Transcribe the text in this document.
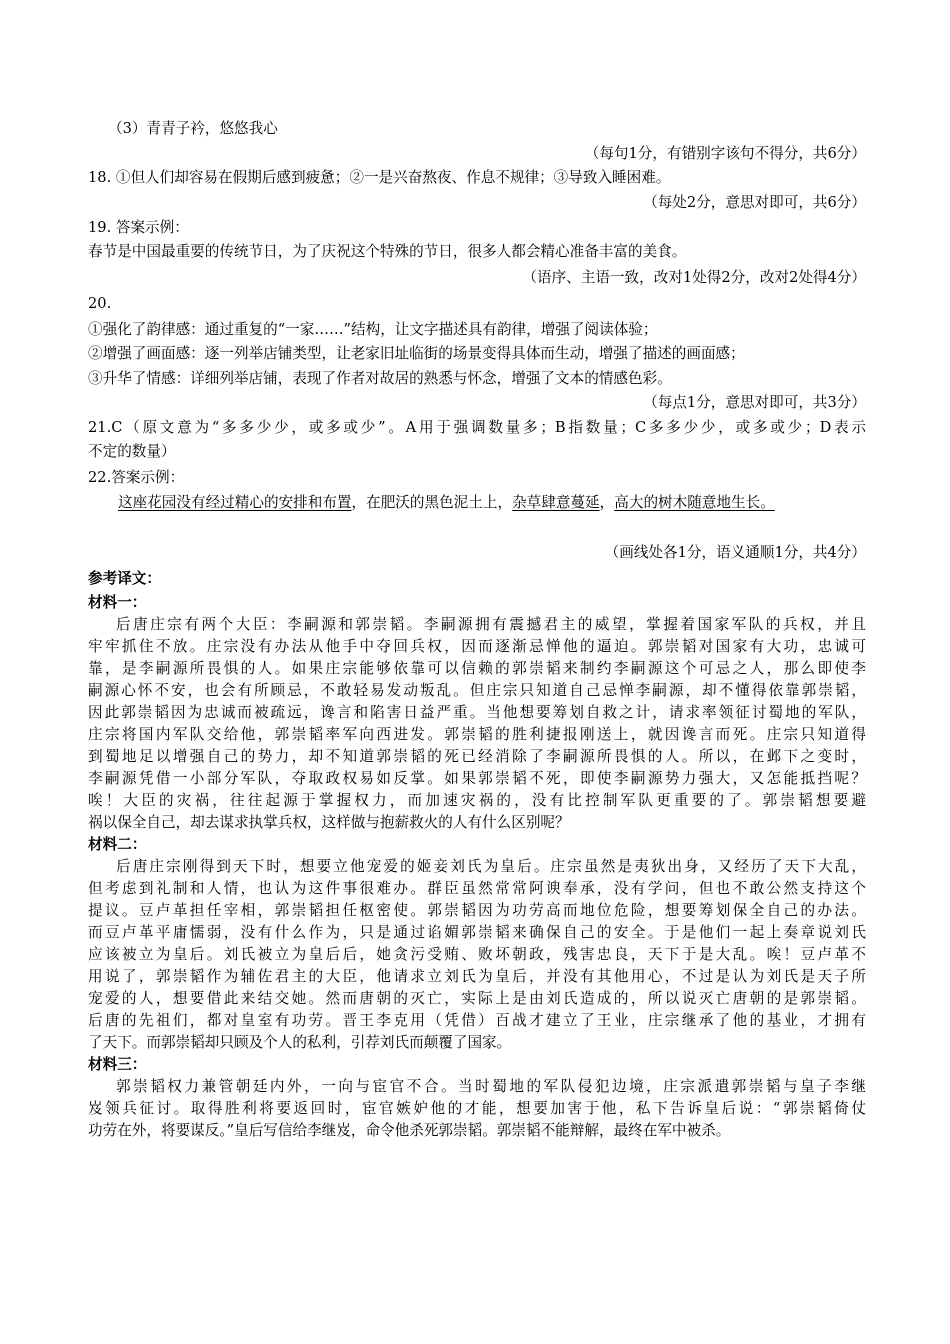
（3）青青子衿，悠悠我心

（每句1分，有错别字该句不得分，共6分）

18. ①但人们却容易在假期后感到疲惫；②一是兴奋熬夜、作息不规律；③导致入睡困难。

（每处2分，意思对即可，共6分）

19. 答案示例：

春节是中国最重要的传统节日，为了庆祝这个特殊的节日，很多人都会精心准备丰富的美食。

（语序、主语一致，改对1处得2分，改对2处得4分）

20.

①强化了韵律感：通过重复的“一家……”结构，让文字描述具有韵律，增强了阅读体验；

②增强了画面感：逐一列举店铺类型，让老家旧址临街的场景变得具体而生动，增强了描述的画面感；

③升华了情感：详细列举店铺，表现了作者对故居的熟悉与怀念，增强了文本的情感色彩。

（每点1分，意思对即可，共3分）

21.C（原文意为“多多少少，或多或少”。A用于强调数量多；B指数量；C多多少少，或多或少；D表示

不定的数量）

22.答案示例：

这座花园没有经过精心的安排和布置，在肥沃的黑色泥土上，杂草肆意蔓延，高大的树木随意地生长。

（画线处各1分，语义通顺1分，共4分）

参考译文：

材料一：

后唐庄宗有两个大臣：李嗣源和郭崇韬。李嗣源拥有震撼君主的威望，掌握着国家军队的兵权，并且

牢牢抓住不放。庄宗没有办法从他手中夺回兵权，因而逐渐忌惮他的逼迫。郭崇韬对国家有大功，忠诚可

靠，是李嗣源所畏惧的人。如果庄宗能够依靠可以信赖的郭崇韬来制约李嗣源这个可忌之人，那么即使李

嗣源心怀不安，也会有所顾忌，不敢轻易发动叛乱。但庄宗只知道自己忌惮李嗣源，却不懂得依靠郭崇韬，

因此郭崇韬因为忠诚而被疏远，谗言和陷害日益严重。当他想要筹划自救之计，请求率领征讨蜀地的军队，

庄宗将国内军队交给他，郭崇韬率军向西进发。郭崇韬的胜利捷报刚送上，就因谗言而死。庄宗只知道得

到蜀地足以增强自己的势力，却不知道郭崇韬的死已经消除了李嗣源所畏惧的人。所以，在邺下之变时，

李嗣源凭借一小部分军队，夺取政权易如反掌。如果郭崇韬不死，即使李嗣源势力强大，又怎能抵挡呢？

唉！大臣的灾祸，往往起源于掌握权力，而加速灾祸的，没有比控制军队更重要的了。郭崇韬想要避

祸以保全自己，却去谋求执掌兵权，这样做与抱薪救火的人有什么区别呢？

材料二：

后唐庄宗刚得到天下时，想要立他宠爱的姬妾刘氏为皇后。庄宗虽然是夷狄出身，又经历了天下大乱，

但考虑到礼制和人情，也认为这件事很难办。群臣虽然常常阿谀奉承，没有学问，但也不敢公然支持这个

提议。豆卢革担任宰相，郭崇韬担任枢密使。郭崇韬因为功劳高而地位危险，想要筹划保全自己的办法。

而豆卢革平庸懦弱，没有什么作为，只是通过谄媚郭崇韬来确保自己的安全。于是他们一起上奏章说刘氏

应该被立为皇后。刘氏被立为皇后后，她贪污受贿、败坏朝政，残害忠良，天下于是大乱。唉！豆卢革不

用说了，郭崇韬作为辅佐君主的大臣，他请求立刘氏为皇后，并没有其他用心，不过是认为刘氏是天子所

宠爱的人，想要借此来结交她。然而唐朝的灭亡，实际上是由刘氏造成的，所以说灭亡唐朝的是郭崇韬。

后唐的先祖们，都对皇室有功劳。晋王李克用（凭借）百战才建立了王业，庄宗继承了他的基业，才拥有

了天下。而郭崇韬却只顾及个人的私利，引荐刘氏而颠覆了国家。

材料三：

郭崇韬权力兼管朝廷内外，一向与宦官不合。当时蜀地的军队侵犯边境，庄宗派遣郭崇韬与皇子李继

岌领兵征讨。取得胜利将要返回时，宦官嫉妒他的才能，想要加害于他，私下告诉皇后说：“郭崇韬倚仗

功劳在外，将要谋反。”皇后写信给李继岌，命令他杀死郭崇韬。郭崇韬不能辩解，最终在军中被杀。
